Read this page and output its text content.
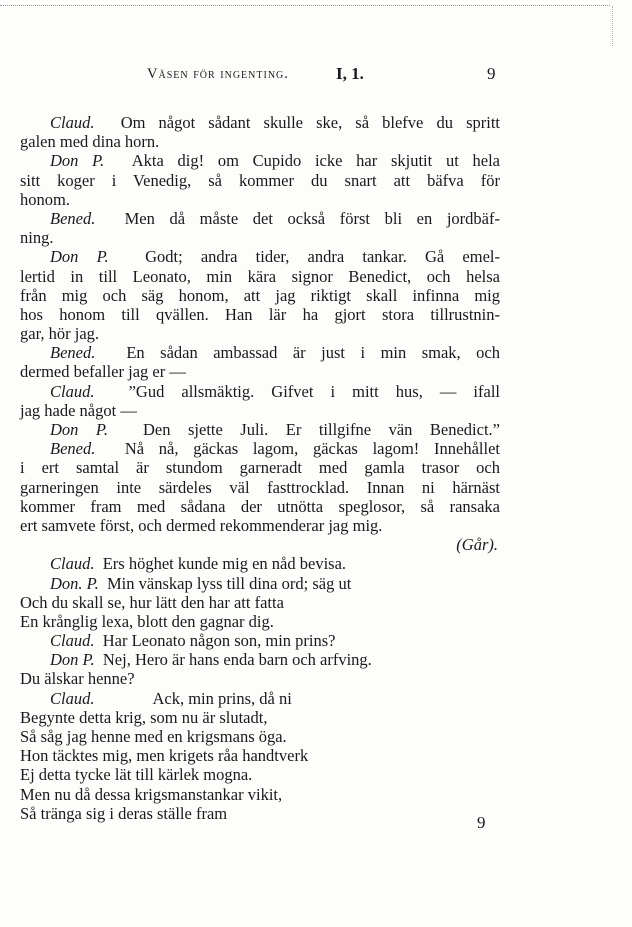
Väsen för ingenting.	I, 1.	9
Claud. Om något sådant skulle ske, så blefve du spritt
galen med dina horn.
Don P. Akta dig! om Cupido icke har skjutit ut hela
sitt koger i Venedig, så kommer du snart att bäfva för
honom.
Bened. Men då måste det också först bli en jordbäf-
ning.
Don P. Godt; andra tider, andra tankar. Gå emel-
lertid in till Leonato, min kära signor Benedict, och helsa
från mig och säg honom, att jag riktigt skall infinna mig
hos honom till qvällen. Han lär ha gjort stora tillrustnin-
gar, hör jag.
Bened. En sådan ambassad är just i min smak, och
dermed befaller jag er —
Claud. ”Gud allsmäktig. Gifvet i mitt hus, — ifall
jag hade något —
Don P. Den sjette Juli. Er tillgifne vän Benedict.”
Bened. Nå nå, gäckas lagom, gäckas lagom! Innehållet
i ert samtal är stundom garneradt med gamla trasor och
garneringen inte särdeles väl fasttrocklad. Innan ni härnäst
kommer fram med sådana der utnötta speglosor, så ransaka
ert samvete först, och dermed rekommenderar jag mig.
(Går).
Claud. Ers höghet kunde mig en nåd bevisa.
Don. P. Min vänskap lyss till dina ord; säg ut
Och du skall se, hur lätt den har att fatta
En krånglig lexa, blott den gagnar dig.
Claud. Har Leonato någon son, min prins?
Don P. Nej, Hero är hans enda barn och arfving.
Du älskar henne?
Claud.	Ack, min prins, då ni
Begynte detta krig, som nu är slutadt,
Så såg jag henne med en krigsmans öga.
Hon täcktes mig, men krigets råa handtverk
Ej detta tycke lät till kärlek mogna.
Men nu då dessa krigsmanstankar vikit,
Så tränga sig i deras ställe fram	9
